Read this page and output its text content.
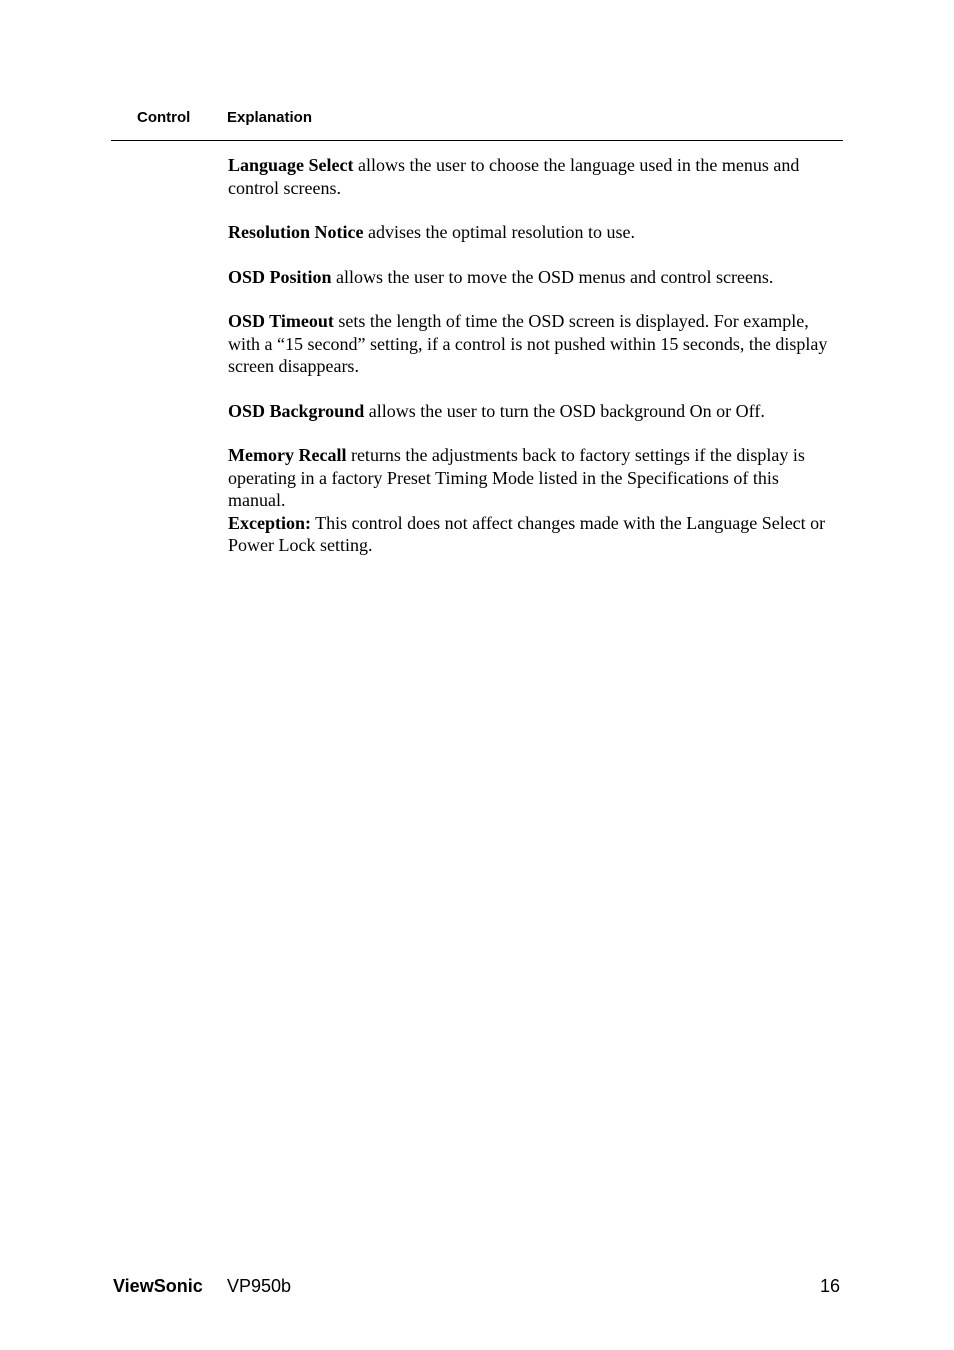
Control Explanation

Language Select allows the user to choose the language used in the menus and control screens.

Resolution Notice advises the optimal resolution to use.

OSD Position allows the user to move the OSD menus and control screens.

OSD Timeout sets the length of time the OSD screen is displayed. For example, with a “15 second” setting, if a control is not pushed within 15 seconds, the display screen disappears.

OSD Background allows the user to turn the OSD background On or Off.

Memory Recall returns the adjustments back to factory settings if the display is operating in a factory Preset Timing Mode listed in the Specifications of this manual.

Exception: This control does not affect changes made with the Language Select or Power Lock setting.

ViewSonic VP950b	16
